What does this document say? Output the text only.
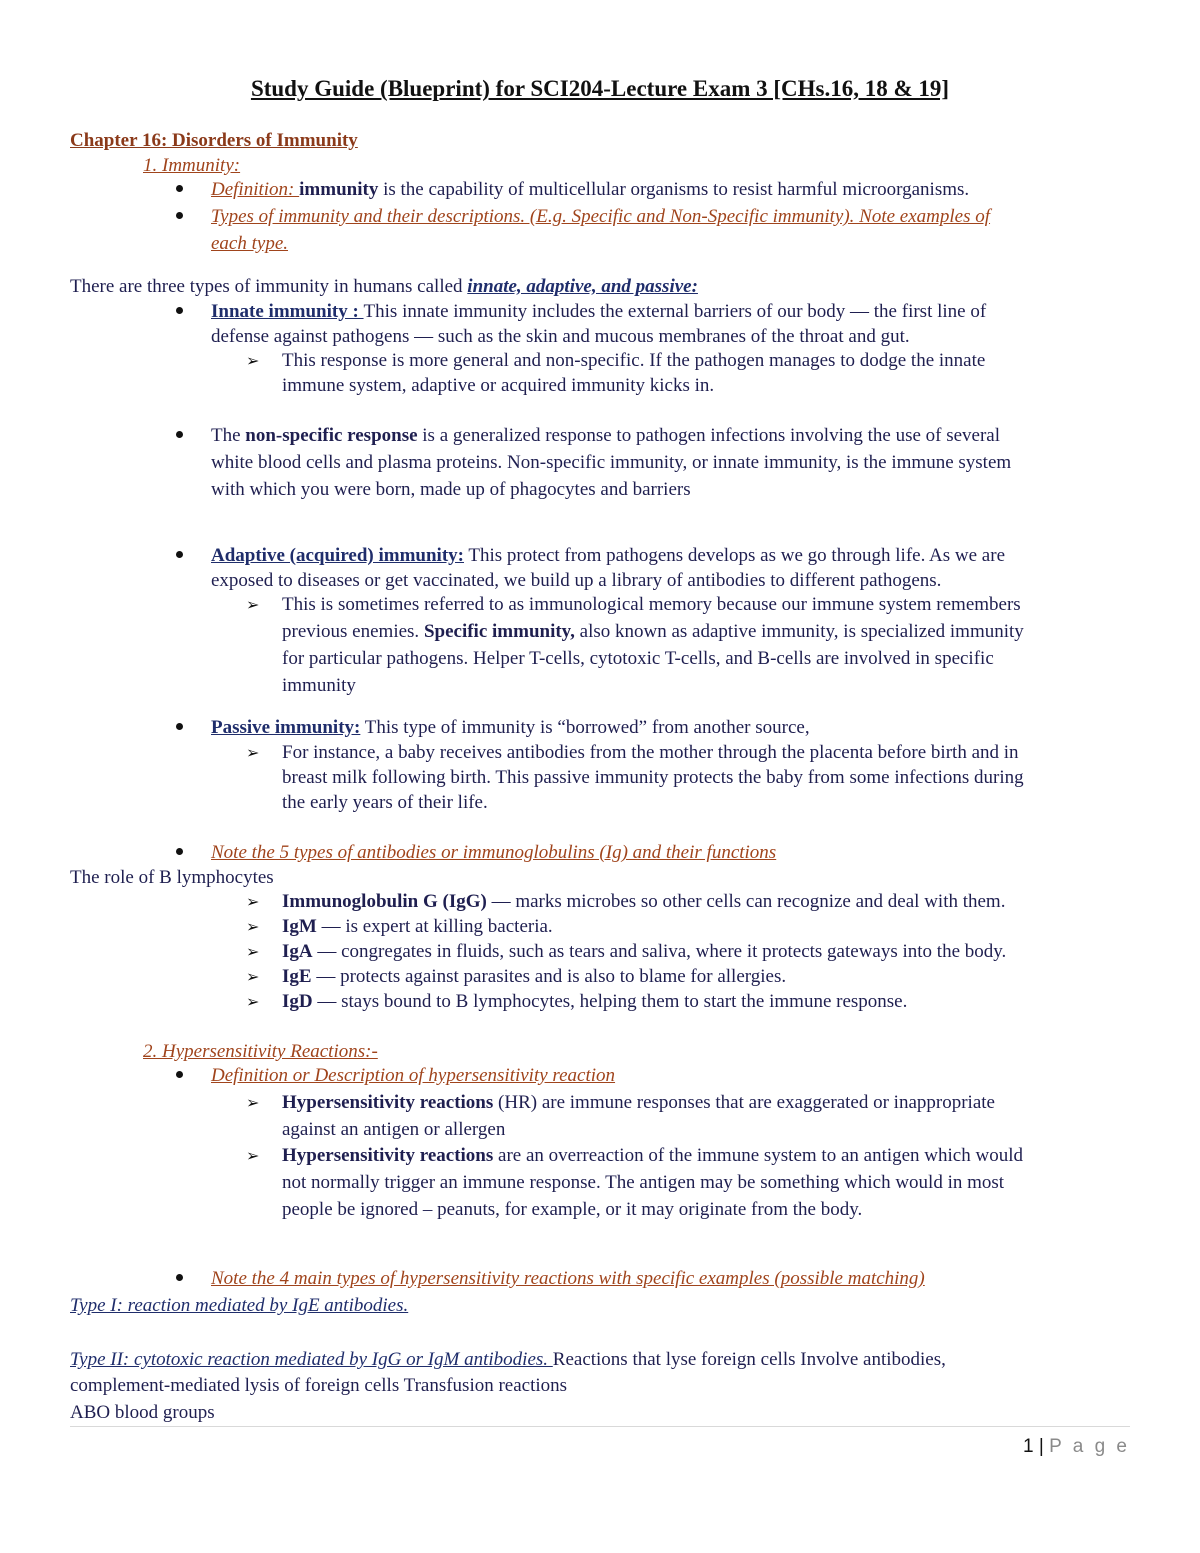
Study Guide (Blueprint) for SCI204-Lecture Exam 3 [CHs.16, 18 & 19]
Chapter 16: Disorders of Immunity
1. Immunity:
Definition: immunity is the capability of multicellular organisms to resist harmful microorganisms.
Types of immunity and their descriptions. (E.g. Specific and Non-Specific immunity). Note examples of
each type.
There are three types of immunity in humans called innate, adaptive, and passive:
Innate immunity : This innate immunity includes the external barriers of our body — the first line of
defense against pathogens — such as the skin and mucous membranes of the throat and gut.
➢ This response is more general and non-specific. If the pathogen manages to dodge the innate
immune system, adaptive or acquired immunity kicks in.
The non-specific response is a generalized response to pathogen infections involving the use of several
white blood cells and plasma proteins. Non-specific immunity, or innate immunity, is the immune system
with which you were born, made up of phagocytes and barriers
Adaptive (acquired) immunity: This protect from pathogens develops as we go through life. As we are
exposed to diseases or get vaccinated, we build up a library of antibodies to different pathogens.
➢ This is sometimes referred to as immunological memory because our immune system remembers
previous enemies. Specific immunity, also known as adaptive immunity, is specialized immunity
for particular pathogens. Helper T-cells, cytotoxic T-cells, and B-cells are involved in specific
immunity
Passive immunity: This type of immunity is “borrowed” from another source,
➢ For instance, a baby receives antibodies from the mother through the placenta before birth and in
breast milk following birth. This passive immunity protects the baby from some infections during
the early years of their life.
Note the 5 types of antibodies or immunoglobulins (Ig) and their functions
The role of B lymphocytes
➢ Immunoglobulin G (IgG) — marks microbes so other cells can recognize and deal with them.
➢ IgM — is expert at killing bacteria.
➢ IgA — congregates in fluids, such as tears and saliva, where it protects gateways into the body.
➢ IgE — protects against parasites and is also to blame for allergies.
➢ IgD — stays bound to B lymphocytes, helping them to start the immune response.
2. Hypersensitivity Reactions:-
Definition or Description of hypersensitivity reaction
➢ Hypersensitivity reactions (HR) are immune responses that are exaggerated or inappropriate
against an antigen or allergen
➢ Hypersensitivity reactions are an overreaction of the immune system to an antigen which would
not normally trigger an immune response. The antigen may be something which would in most
people be ignored – peanuts, for example, or it may originate from the body.
Note the 4 main types of hypersensitivity reactions with specific examples (possible matching)
Type I: reaction mediated by IgE antibodies.
Type II: cytotoxic reaction mediated by IgG or IgM antibodies. Reactions that lyse foreign cells Involve antibodies,
complement-mediated lysis of foreign cells Transfusion reactions
ABO blood groups
1 | P a g e
